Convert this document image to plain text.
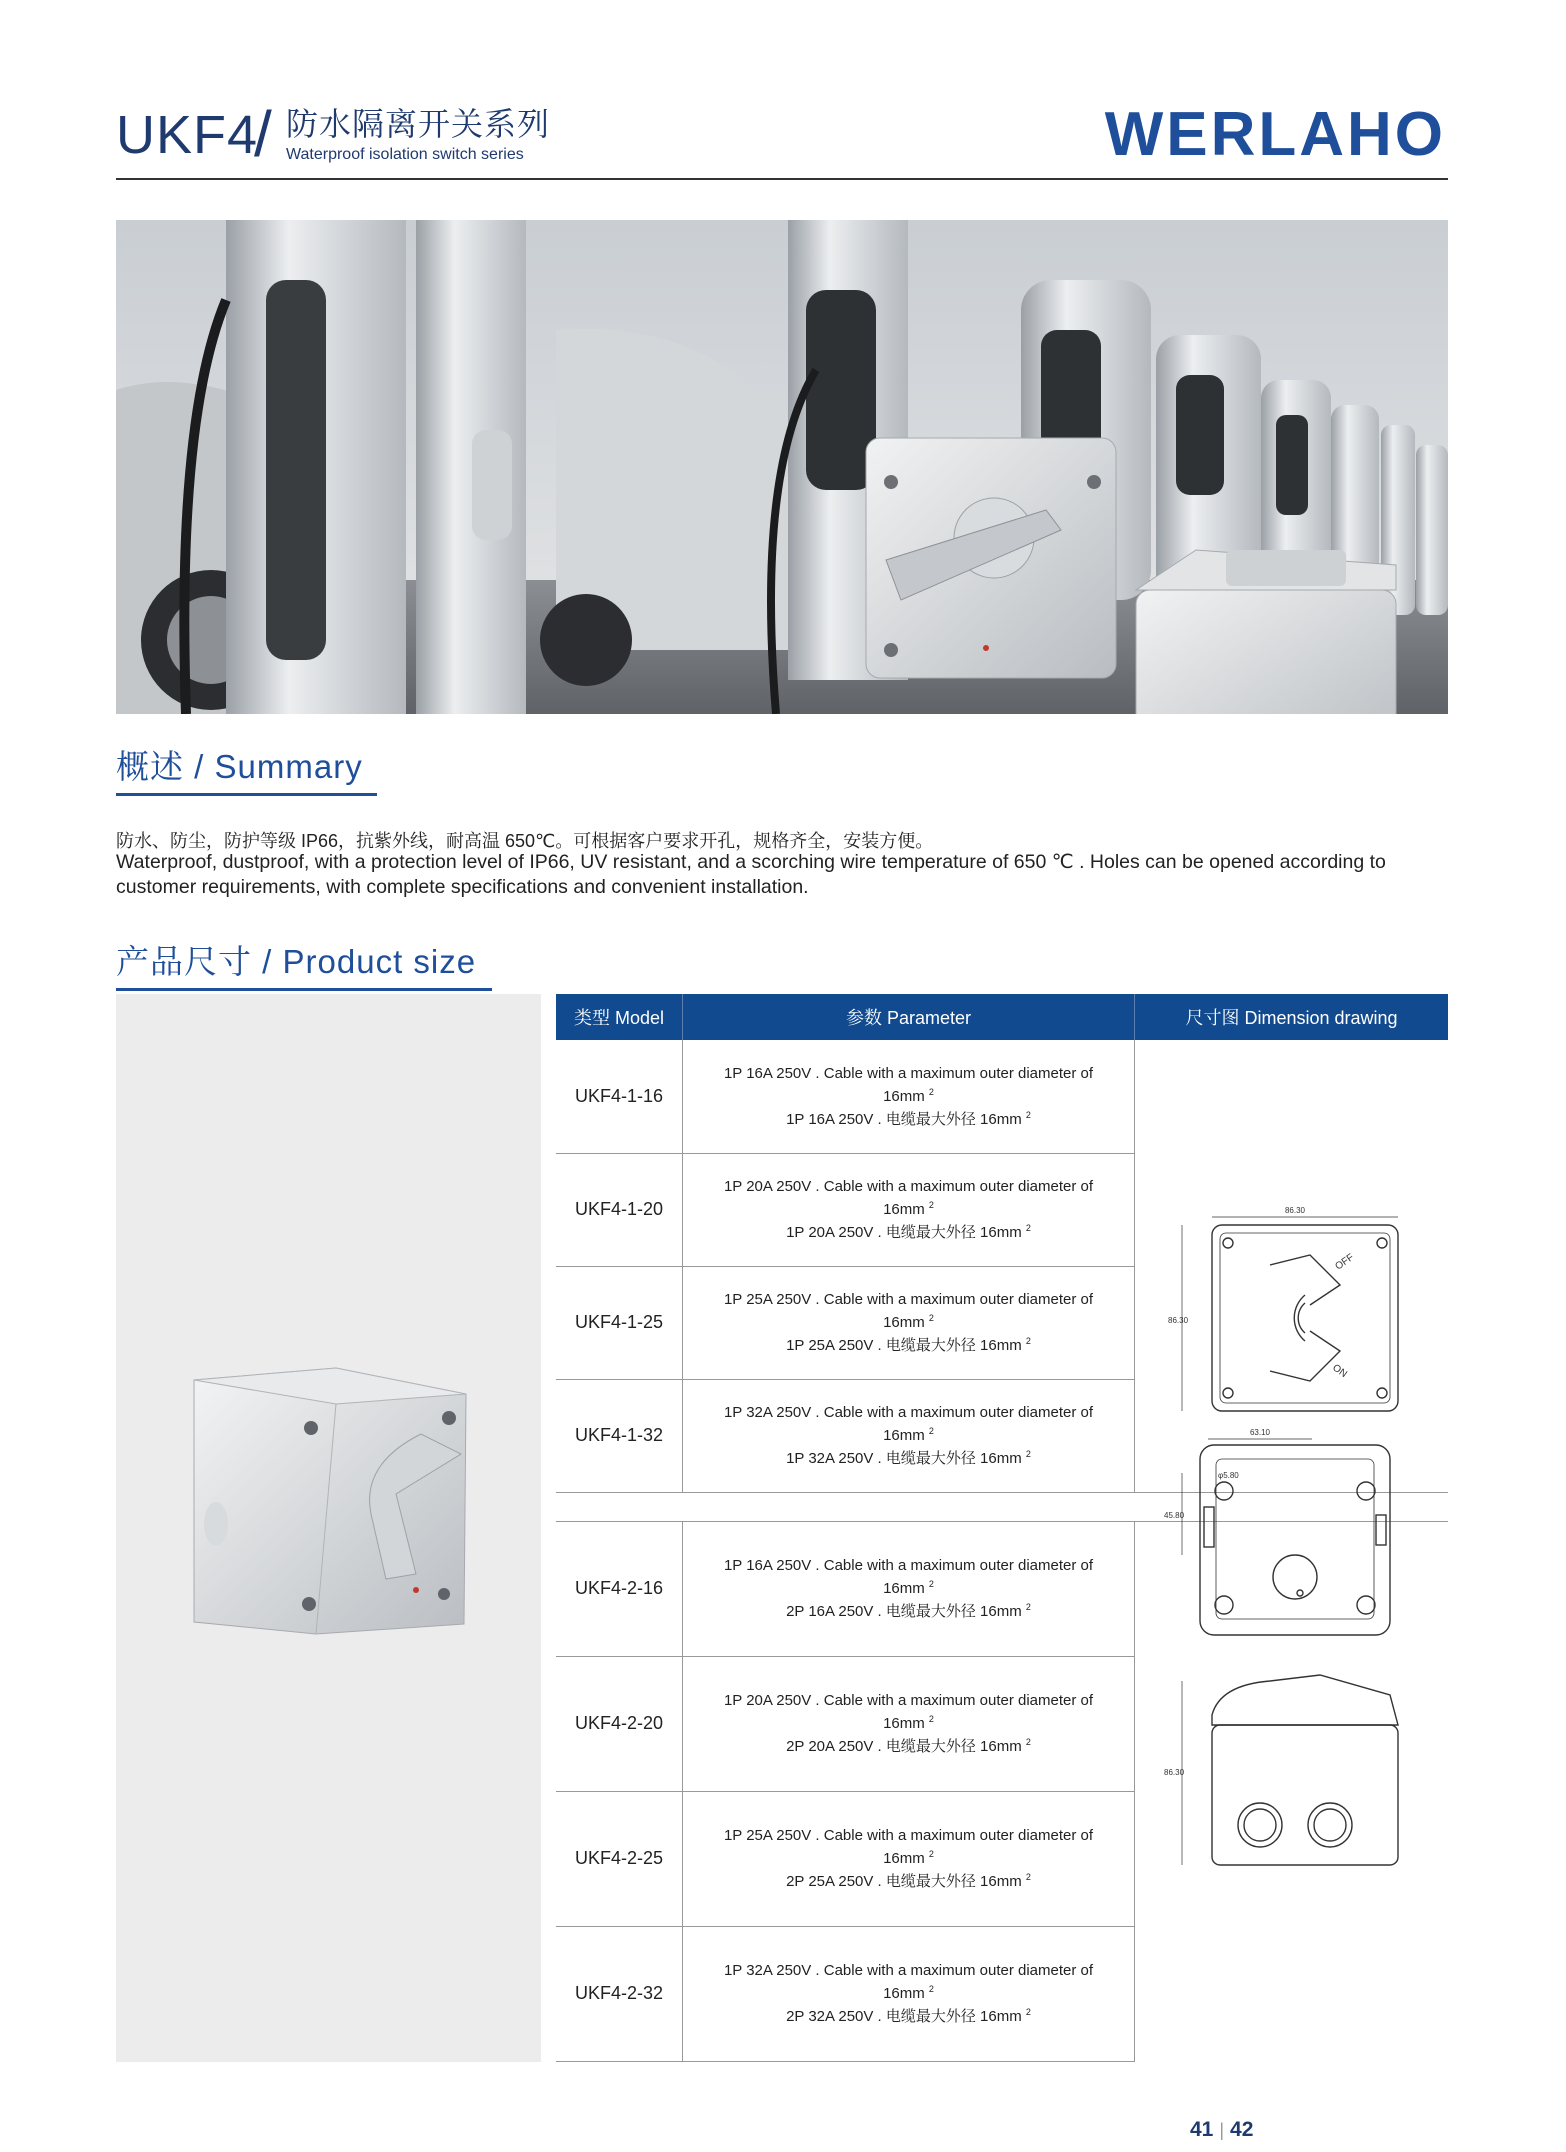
UKF4
/ 防水隔离开关系列
Waterproof isolation switch series	WERLAHO
概述 / Summary
防水、防尘，防护等级 IP66，抗紫外线，耐高温 650℃。可根据客户要求开孔，规格齐全，安装方便。
Waterproof, dustproof, with a protection level of IP66, UV resistant, and a scorching wire temperature of 650 ℃ . Holes can be opened according to customer requirements, with complete specifications and convenient installation.
产品尺寸 / Product size
类型 Model	参数 Parameter	尺寸图 Dimension drawing
UKF4-1-16	1P 16A 250V . Cable with a maximum outer diameter of
16mm $^2$
1P 16A 250V . 电缆最大外径 16mm $^2$

UKF4-1-20	1P 20A 250V . Cable with a maximum outer diameter of
16mm $^2$
1P 20A 250V . 电缆最大外径 16mm $^2$

UKF4-1-25	1P 25A 250V . Cable with a maximum outer diameter of
16mm $^2$
1P 25A 250V . 电缆最大外径 16mm $^2$

UKF4-1-32	1P 32A 250V . Cable with a maximum outer diameter of
16mm $^2$
1P 32A 250V . 电缆最大外径 16mm $^2$

UKF4-2-16	1P 16A 250V . Cable with a maximum outer diameter of
16mm $^2$
2P 16A 250V . 电缆最大外径 16mm $^2$

UKF4-2-20	1P 20A 250V . Cable with a maximum outer diameter of
16mm $^2$
2P 20A 250V . 电缆最大外径 16mm $^2$

UKF4-2-25	1P 25A 250V . Cable with a maximum outer diameter of
16mm $^2$
2P 25A 250V . 电缆最大外径 16mm $^2$

UKF4-2-32	1P 32A 250V . Cable with a maximum outer diameter of
16mm $^2$
2P 32A 250V . 电缆最大外径 16mm $^2$
86.30
86.30
63.10
φ5.80
45.80
86.30
OFF
ON
41 | 42
